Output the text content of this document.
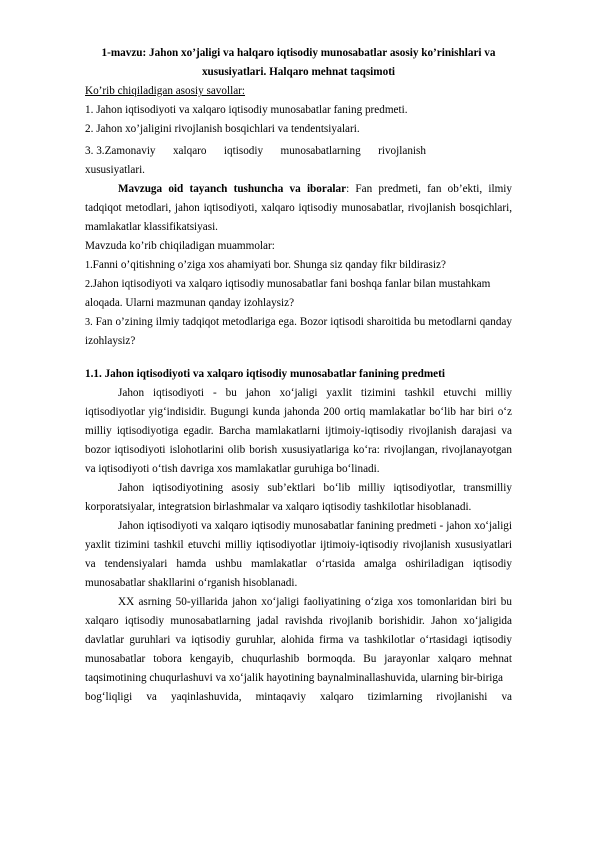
1-mavzu: Jahon xo’jaligi va halqaro iqtisodiy munosabatlar asosiy ko’rinishlari va xususiyatlari. Halqaro mehnat taqsimoti

Ko’rib chiqiladigan asosiy savollar:

1. Jahon iqtisodiyoti va xalqaro iqtisodiy munosabatlar faning predmeti.

2. Jahon xo’jaligini rivojlanish bosqichlari va tendentsiyalari.

3. 3.Zamonaviy xalqaro iqtisodiy munosabatlarning rivojlanish

xususiyatlari.

Mavzuga oid tayanch tushuncha va iboralar: Fan predmeti, fan ob’ekti, ilmiy tadqiqot metodlari, jahon iqtisodiyoti, xalqaro iqtisodiy munosabatlar, rivojlanish bosqichlari, mamlakatlar klassifikatsiyasi.

Mavzuda ko’rib chiqiladigan muammolar:

1.Fanni o’qitishning o’ziga xos ahamiyati bor. Shunga siz qanday fikr bildirasiz?

2.Jahon iqtisodiyoti va xalqaro iqtisodiy munosabatlar fani boshqa fanlar bilan mustahkam aloqada. Ularni mazmunan qanday izohlaysiz?

3. Fan o’zining ilmiy tadqiqot metodlariga ega. Bozor iqtisodi sharoitida bu metodlarni qanday izohlaysiz?

1.1. Jahon iqtisodiyoti va xalqaro iqtisodiy munosabatlar fanining predmeti

Jahon iqtisodiyoti - bu jahon xo‘jaligi yaxlit tizimini tashkil etuvchi milliy iqtisodiyotlar yig‘indisidir. Bugungi kunda jahonda 200 ortiq mamlakatlar bo‘lib har biri o‘z milliy iqtisodiyotiga egadir. Barcha mamlakatlarni ijtimoiy-iqtisodiy rivojlanish darajasi va bozor iqtisodiyoti islohotlarini olib borish xususiyatlariga ko‘ra: rivojlangan, rivojlanayotgan va iqtisodiyoti o‘tish davriga xos mamlakatlar guruhiga bo‘linadi.

Jahon iqtisodiyotining asosiy sub’ektlari bo‘lib milliy iqtisodiyotlar, transmilliy korporatsiyalar, integratsion birlashmalar va xalqaro iqtisodiy tashkilotlar hisoblanadi.

Jahon iqtisodiyoti va xalqaro iqtisodiy munosabatlar fanining predmeti - jahon xo‘jaligi yaxlit tizimini tashkil etuvchi milliy iqtisodiyotlar ijtimoiy-iqtisodiy rivojlanish xususiyatlari va tendensiyalari hamda ushbu mamlakatlar o‘rtasida amalga oshiriladigan iqtisodiy munosabatlar shakllarini o‘rganish hisoblanadi.

XX asrning 50-yillarida jahon xo‘jaligi faoliyatining o‘ziga xos tomonlaridan biri bu xalqaro iqtisodiy munosabatlarning jadal ravishda rivojlanib borishidir. Jahon xo‘jaligida davlatlar guruhlari va iqtisodiy guruhlar, alohida firma va tashkilotlar o‘rtasidagi iqtisodiy munosabatlar tobora kengayib, chuqurlashib bormoqda. Bu jarayonlar xalqaro mehnat taqsimotining chuqurlashuvi va xo‘jalik hayotining baynalminallashuvida, ularning bir-biriga

bog‘liqligi va yaqinlashuvida, mintaqaviy xalqaro tizimlarning rivojlanishi va
